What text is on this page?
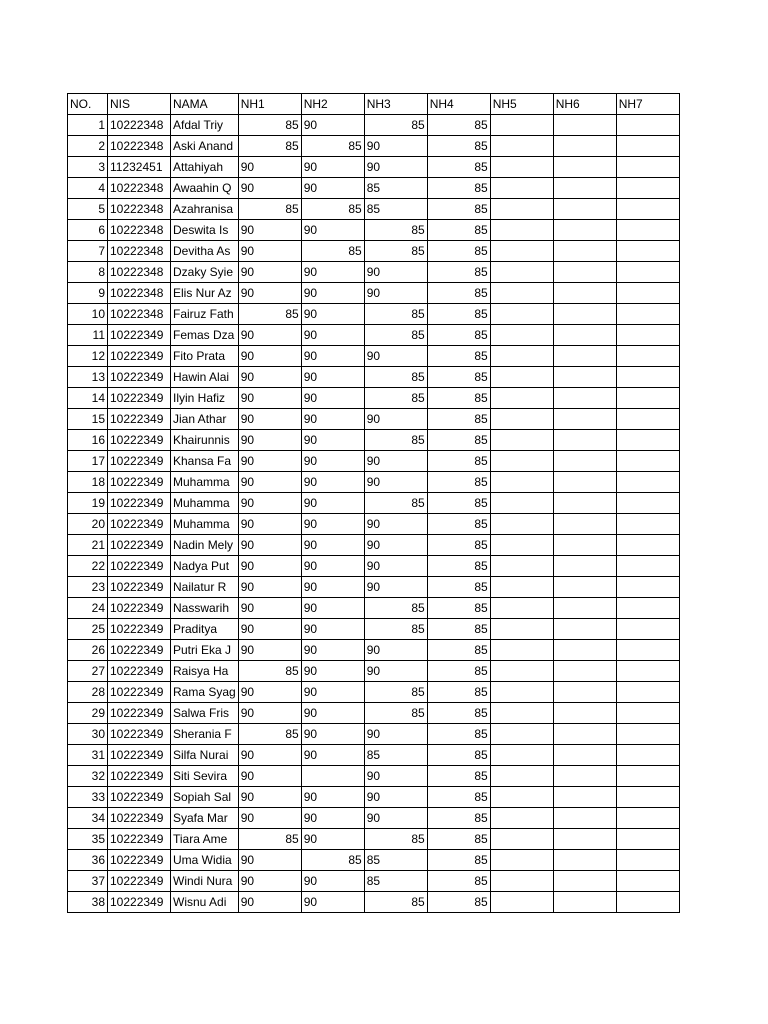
NO.	NIS	NAMA	NH1	NH2	NH3	NH4	NH5	NH6	NH7
1	10222348	Afdal Triy	85	90	85	85			
2	10222348	Aski Anand	85	85	90	85			
3	11232451	Attahiyah	90	90	90	85			
4	10222348	Awaahin Q	90	90	85	85			
5	10222348	Azahranisa	85	85	85	85			
6	10222348	Deswita Is	90	90	85	85			
7	10222348	Devitha As	90	85	85	85			
8	10222348	Dzaky Syie	90	90	90	85			
9	10222348	Elis Nur Az	90	90	90	85			
10	10222348	Fairuz Fath	85	90	85	85			
11	10222349	Femas Dza	90	90	85	85			
12	10222349	Fito Prata	90	90	90	85			
13	10222349	Hawin Alai	90	90	85	85			
14	10222349	Ilyin Hafiz	90	90	85	85			
15	10222349	Jian Athar	90	90	90	85			
16	10222349	Khairunnis	90	90	85	85			
17	10222349	Khansa Fa	90	90	90	85			
18	10222349	Muhamma	90	90	90	85			
19	10222349	Muhamma	90	90	85	85			
20	10222349	Muhamma	90	90	90	85			
21	10222349	Nadin Mely	90	90	90	85			
22	10222349	Nadya Put	90	90	90	85			
23	10222349	Nailatur R	90	90	90	85			
24	10222349	Nasswarih	90	90	85	85			
25	10222349	Praditya	90	90	85	85			
26	10222349	Putri Eka J	90	90	90	85			
27	10222349	Raisya Ha	85	90	90	85			
28	10222349	Rama Syag	90	90	85	85			
29	10222349	Salwa Fris	90	90	85	85			
30	10222349	Sherania F	85	90	90	85			
31	10222349	Silfa Nurai	90	90	85	85			
32	10222349	Siti Sevira	90		90	85			
33	10222349	Sopiah Sal	90	90	90	85			
34	10222349	Syafa Mar	90	90	90	85			
35	10222349	Tiara Ame	85	90	85	85			
36	10222349	Uma Widia	90	85	85	85			
37	10222349	Windi Nura	90	90	85	85			
38	10222349	Wisnu Adi	90	90	85	85			
